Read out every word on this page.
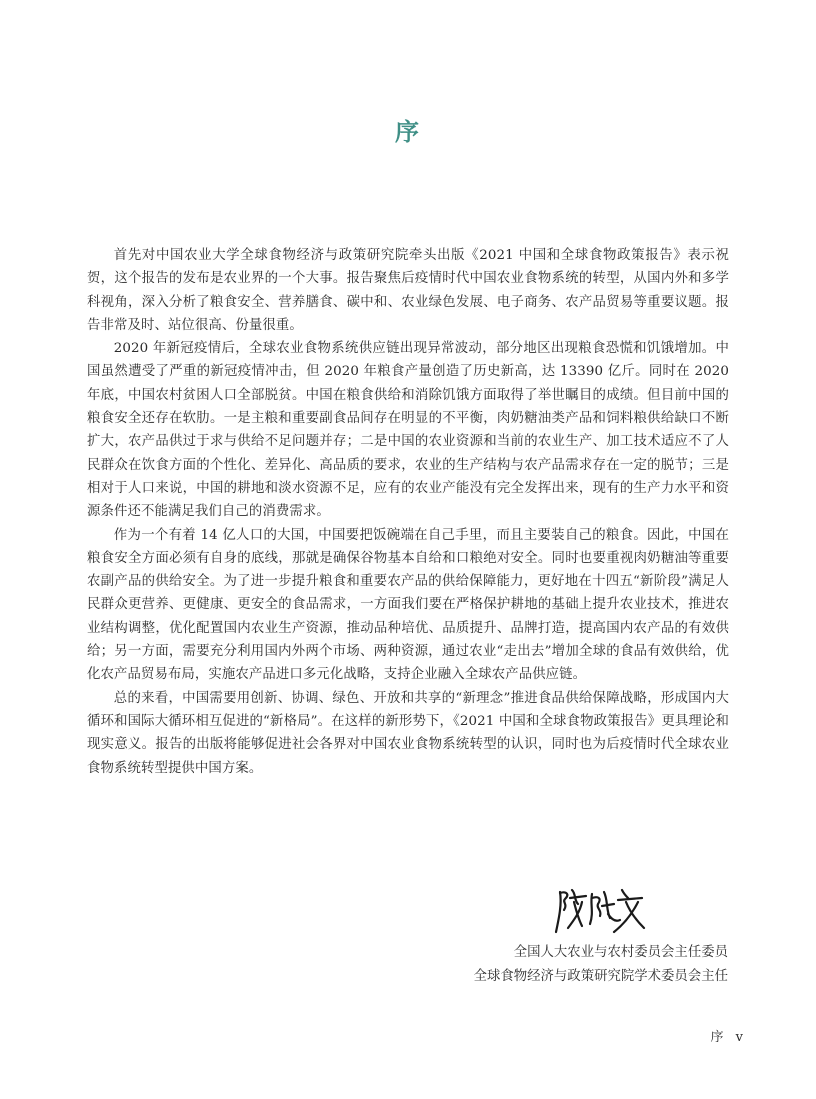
序

首先对中国农业大学全球食物经济与政策研究院牵头出版《2021 中国和全球食物政策报告》表示祝贺，这个报告的发布是农业界的一个大事。报告聚焦后疫情时代中国农业食物系统的转型，从国内外和多学科视角，深入分析了粮食安全、营养膳食、碳中和、农业绿色发展、电子商务、农产品贸易等重要议题。报告非常及时、站位很高、份量很重。

2020 年新冠疫情后，全球农业食物系统供应链出现异常波动，部分地区出现粮食恐慌和饥饿增加。中国虽然遭受了严重的新冠疫情冲击，但 2020 年粮食产量创造了历史新高，达 13390 亿斤。同时在 2020 年底，中国农村贫困人口全部脱贫。中国在粮食供给和消除饥饿方面取得了举世瞩目的成绩。但目前中国的粮食安全还存在软肋。一是主粮和重要副食品间存在明显的不平衡，肉奶糖油类产品和饲料粮供给缺口不断扩大，农产品供过于求与供给不足问题并存；二是中国的农业资源和当前的农业生产、加工技术适应不了人民群众在饮食方面的个性化、差异化、高品质的要求，农业的生产结构与农产品需求存在一定的脱节；三是相对于人口来说，中国的耕地和淡水资源不足，应有的农业产能没有完全发挥出来，现有的生产力水平和资源条件还不能满足我们自己的消费需求。

作为一个有着 14 亿人口的大国，中国要把饭碗端在自己手里，而且主要装自己的粮食。因此，中国在粮食安全方面必须有自身的底线，那就是确保谷物基本自给和口粮绝对安全。同时也要重视肉奶糖油等重要农副产品的供给安全。为了进一步提升粮食和重要农产品的供给保障能力，更好地在十四五“新阶段”满足人民群众更营养、更健康、更安全的食品需求，一方面我们要在严格保护耕地的基础上提升农业技术，推进农业结构调整，优化配置国内农业生产资源，推动品种培优、品质提升、品牌打造，提高国内农产品的有效供给；另一方面，需要充分利用国内外两个市场、两种资源，通过农业“走出去”增加全球的食品有效供给，优化农产品贸易布局，实施农产品进口多元化战略，支持企业融入全球农产品供应链。

总的来看，中国需要用创新、协调、绿色、开放和共享的“新理念”推进食品供给保障战略，形成国内大循环和国际大循环相互促进的“新格局”。在这样的新形势下，《2021 中国和全球食物政策报告》更具理论和现实意义。报告的出版将能够促进社会各界对中国农业食物系统转型的认识，同时也为后疫情时代全球农业食物系统转型提供中国方案。

全国人大农业与农村委员会主任委员
全球食物经济与政策研究院学术委员会主任
序 v
